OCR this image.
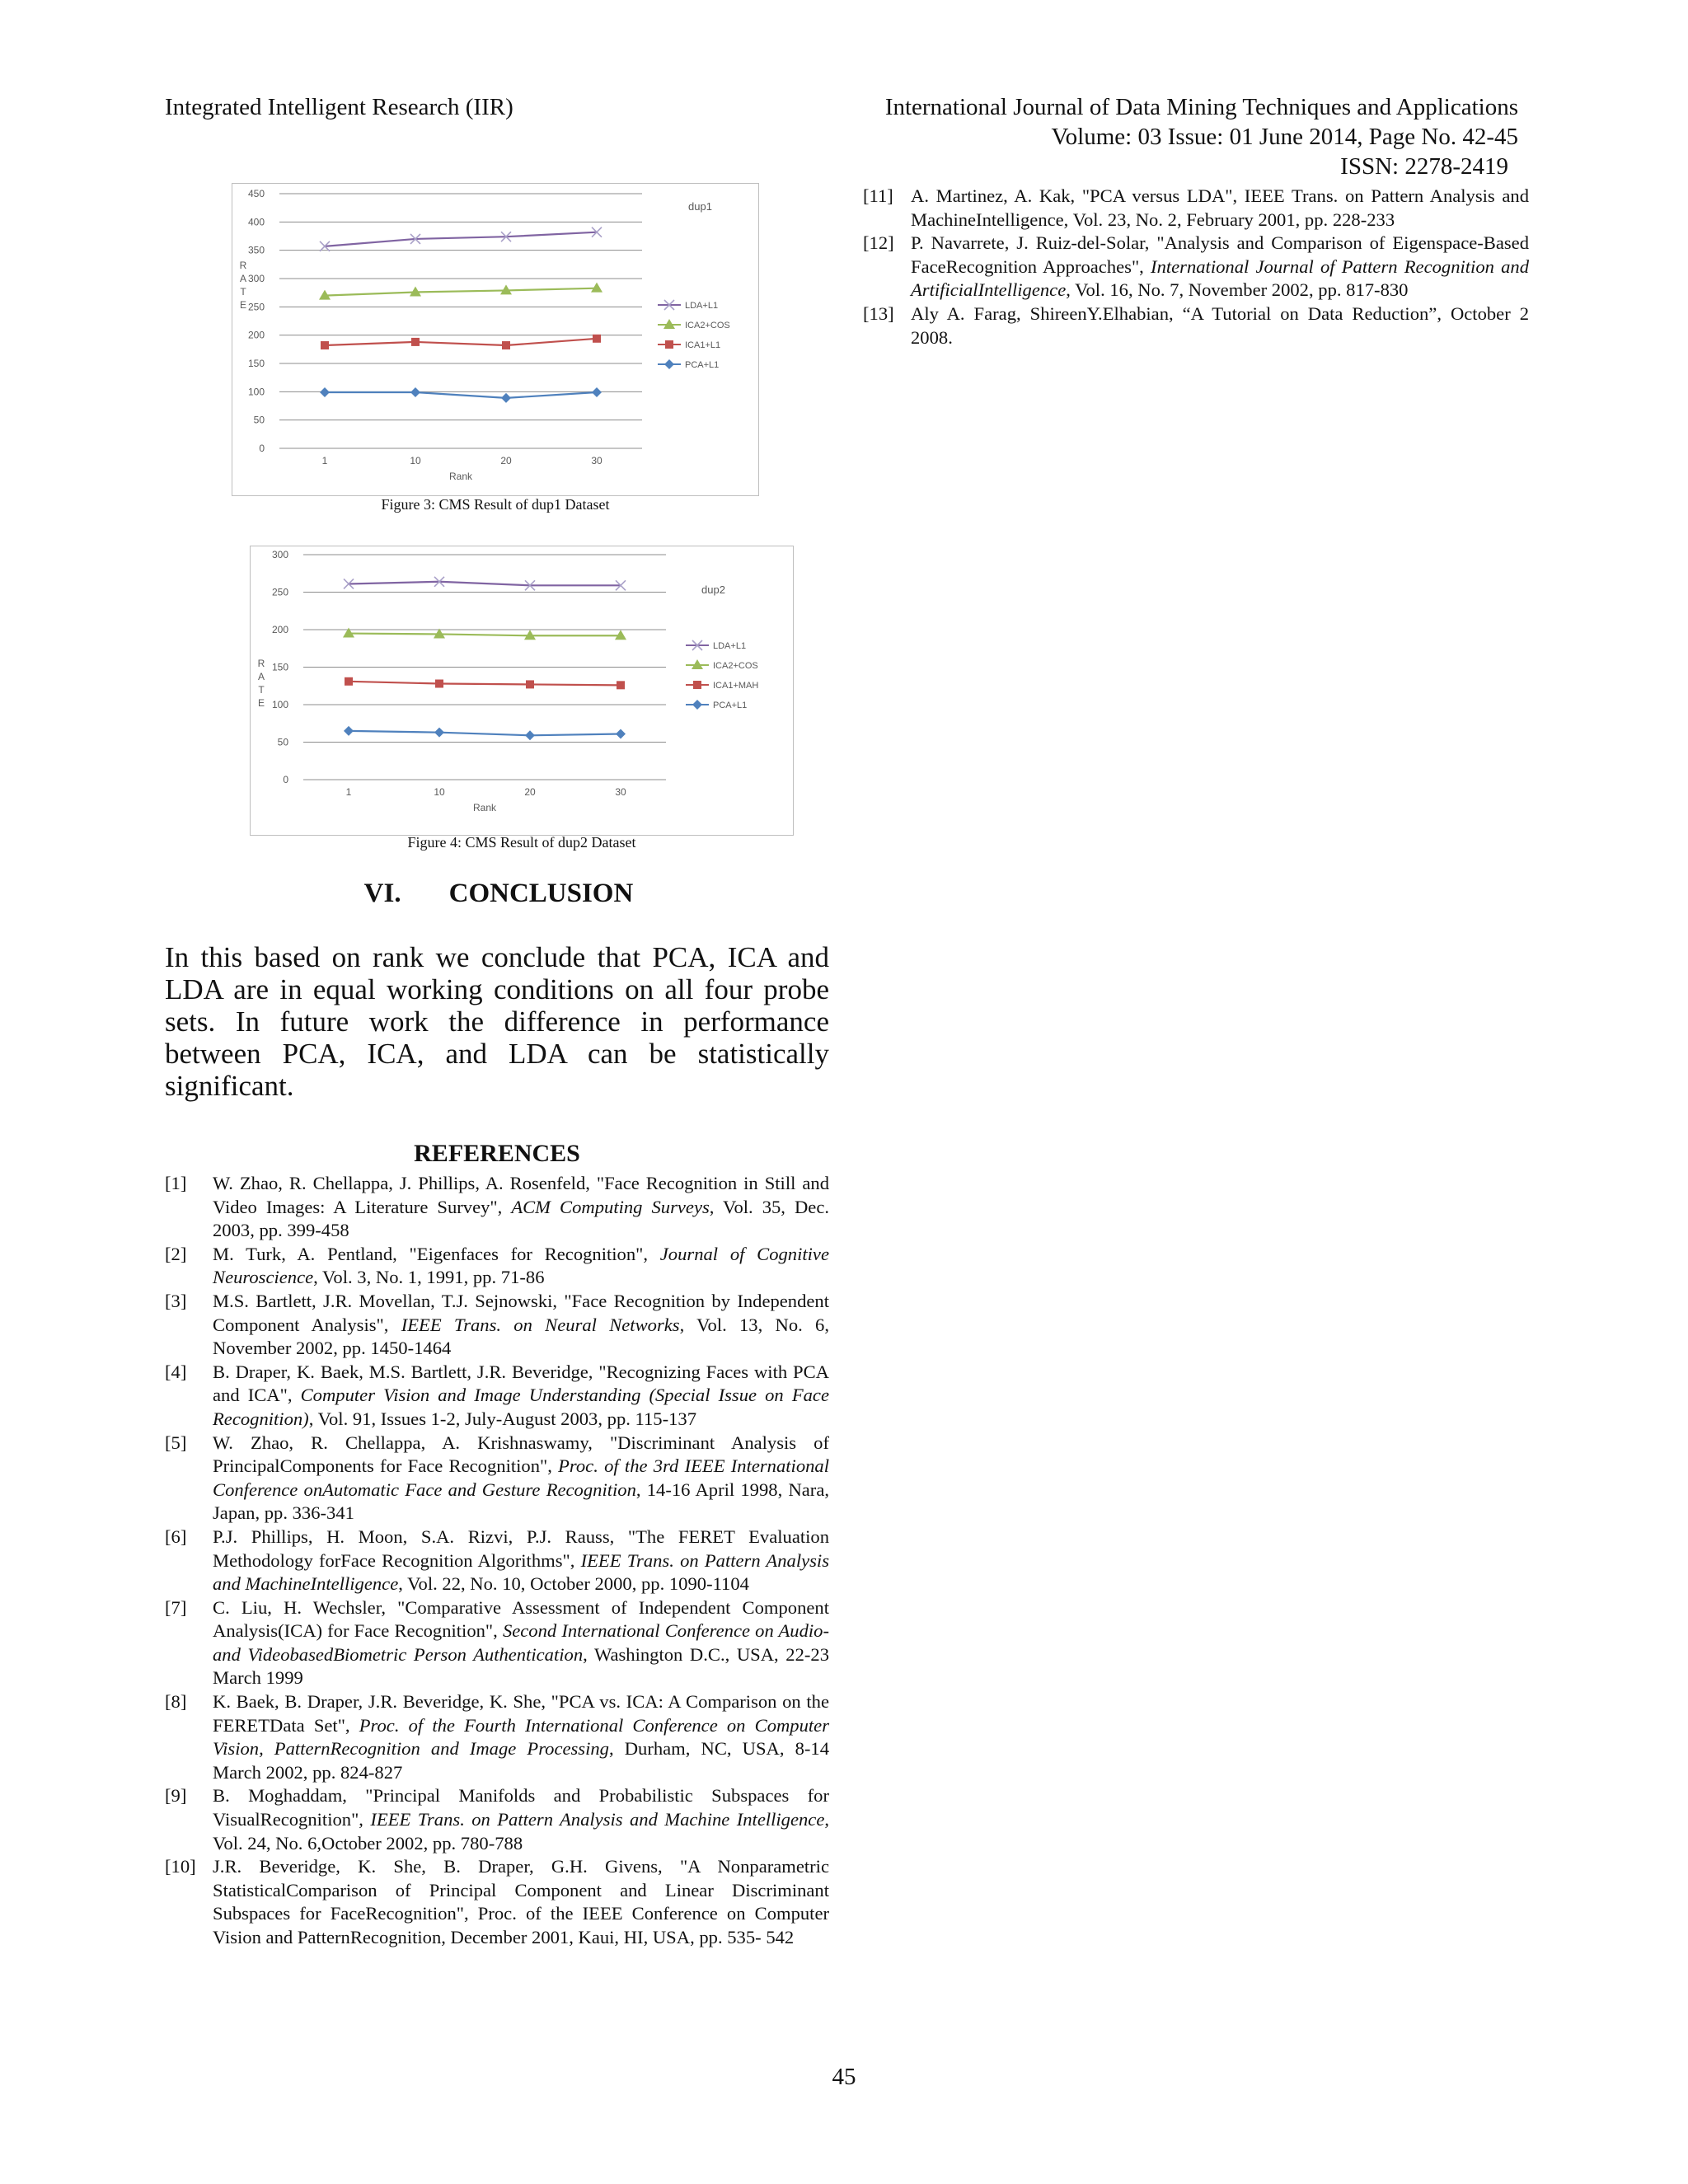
Integrated Intelligent Research (IIR)	International Journal of Data Mining Techniques and Applications
Volume: 03 Issue: 01 June 2014, Page No. 42-45
ISSN: 2278-2419
0
50
100
150
200
250
300
350
400
450
1	10	20	30
Rank
R
A
T
E
dup1
LDA+L1
ICA2+COS
ICA1+L1
PCA+L1
Figure 3: CMS Result of dup1 Dataset
0
50
100
150
200
250
300
1	10	20	30
Rank
R
A
T
E
dup2
LDA+L1
ICA2+COS
ICA1+MAH
PCA+L1
Figure 4: CMS Result of dup2 Dataset
VI. CONCLUSION
In this based on rank we conclude that PCA, ICA and LDA are in equal working conditions on all four probe sets. In future work the difference in performance between PCA, ICA, and LDA can be statistically significant.
REFERENCES
[1] W. Zhao, R. Chellappa, J. Phillips, A. Rosenfeld, "Face Recognition in Still and Video Images: A Literature Survey", ACM Computing Surveys, Vol. 35, Dec. 2003, pp. 399-458
[2] M. Turk, A. Pentland, "Eigenfaces for Recognition", Journal of Cognitive Neuroscience, Vol. 3, No. 1, 1991, pp. 71-86
[3] M.S. Bartlett, J.R. Movellan, T.J. Sejnowski, "Face Recognition by Independent Component Analysis", IEEE Trans. on Neural Networks, Vol. 13, No. 6, November 2002, pp. 1450-1464
[4] B. Draper, K. Baek, M.S. Bartlett, J.R. Beveridge, "Recognizing Faces with PCA and ICA", Computer Vision and Image Understanding (Special Issue on Face Recognition), Vol. 91, Issues 1-2, July-August 2003, pp. 115-137
[5] W. Zhao, R. Chellappa, A. Krishnaswamy, "Discriminant Analysis of PrincipalComponents for Face Recognition", Proc. of the 3rd IEEE International Conference onAutomatic Face and Gesture Recognition, 14-16 April 1998, Nara, Japan, pp. 336-341
[6] P.J. Phillips, H. Moon, S.A. Rizvi, P.J. Rauss, "The FERET Evaluation Methodology forFace Recognition Algorithms", IEEE Trans. on Pattern Analysis and MachineIntelligence, Vol. 22, No. 10, October 2000, pp. 1090-1104
[7] C. Liu, H. Wechsler, "Comparative Assessment of Independent Component Analysis(ICA) for Face Recognition", Second International Conference on Audio- and VideobasedBiometric Person Authentication, Washington D.C., USA, 22-23 March 1999
[8] K. Baek, B. Draper, J.R. Beveridge, K. She, "PCA vs. ICA: A Comparison on the FERETData Set", Proc. of the Fourth International Conference on Computer Vision, PatternRecognition and Image Processing, Durham, NC, USA, 8-14 March 2002, pp. 824-827
[9] B. Moghaddam, "Principal Manifolds and Probabilistic Subspaces for VisualRecognition", IEEE Trans. on Pattern Analysis and Machine Intelligence, Vol. 24, No. 6,October 2002, pp. 780-788
[10] J.R. Beveridge, K. She, B. Draper, G.H. Givens, "A Nonparametric StatisticalComparison of Principal Component and Linear Discriminant Subspaces for FaceRecognition", Proc. of the IEEE Conference on Computer Vision and PatternRecognition, December 2001, Kaui, HI, USA, pp. 535- 542
[11] A. Martinez, A. Kak, "PCA versus LDA", IEEE Trans. on Pattern Analysis and MachineIntelligence, Vol. 23, No. 2, February 2001, pp. 228-233
[12] P. Navarrete, J. Ruiz-del-Solar, "Analysis and Comparison of Eigenspace-Based FaceRecognition Approaches", International Journal of Pattern Recognition and ArtificialIntelligence, Vol. 16, No. 7, November 2002, pp. 817-830
[13] Aly A. Farag, ShireenY.Elhabian, “A Tutorial on Data Reduction”, October 2 2008.
45
